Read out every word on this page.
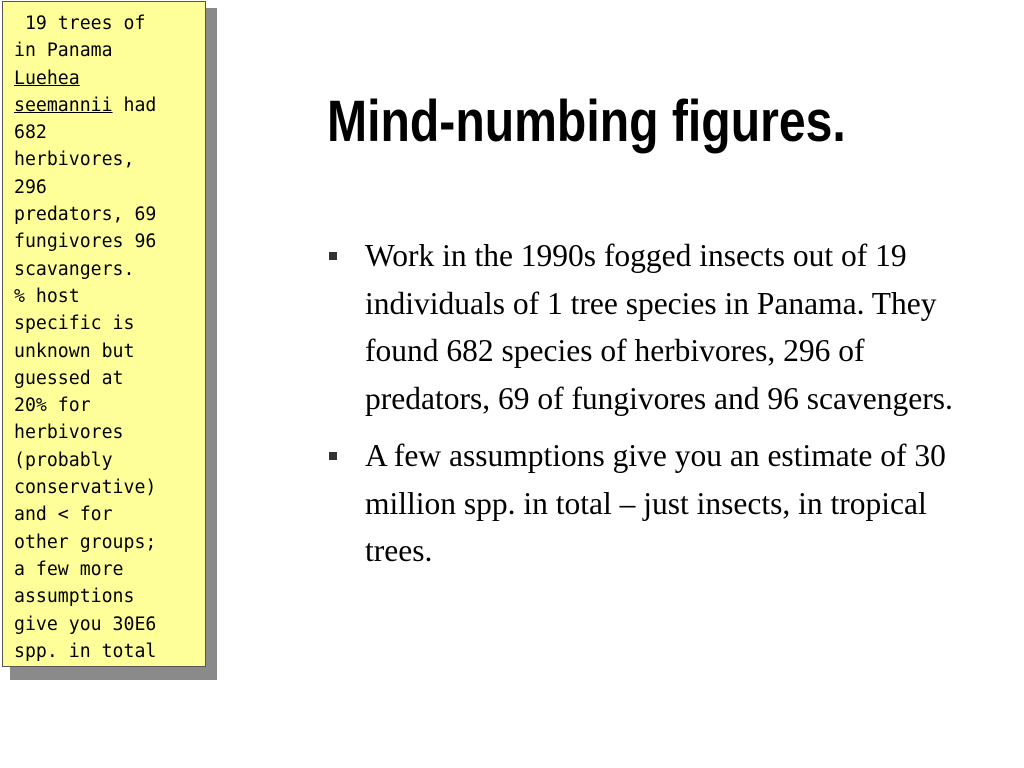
19 trees of
in Panama
Luehea
seemannii had
682
herbivores,
296
predators, 69
fungivores 96
scavangers.
% host
specific is
unknown but
guessed at
20% for
herbivores
(probably
conservative)
and < for
other groups;
a few more
assumptions
give you 30E6
spp. in total
Mind-numbing figures.
Work in the 1990s fogged insects out of 19 individuals of 1 tree species in Panama. They found 682 species of herbivores, 296 of predators, 69 of fungivores and 96 scavengers.
A few assumptions give you an estimate of 30 million spp. in total – just insects, in tropical trees.
